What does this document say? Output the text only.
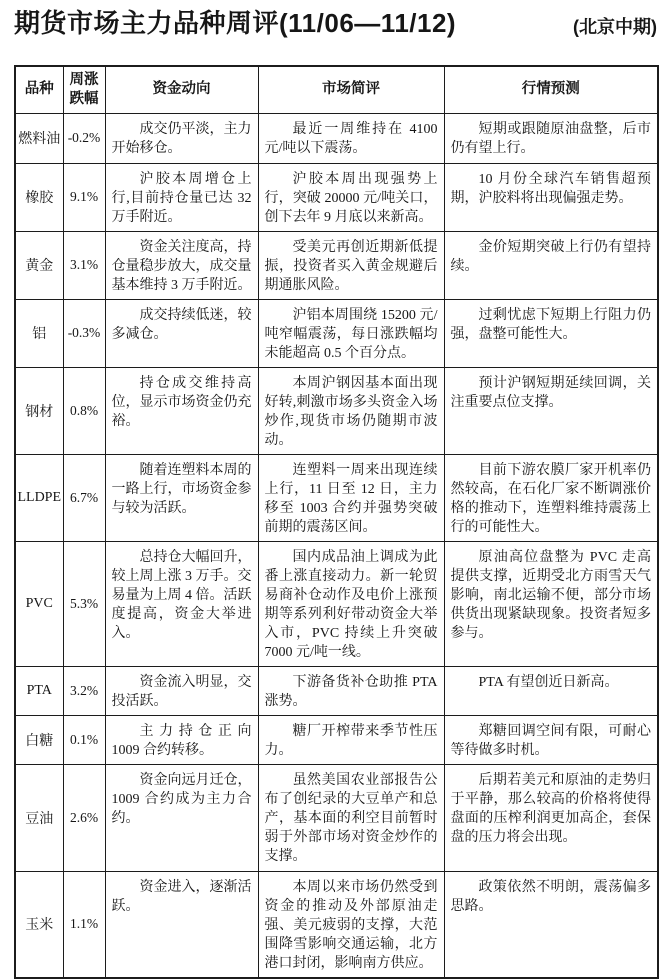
期货市场主力品种周评(11/06—11/12)	(北京中期)
品种	周涨跌幅	资金动向	市场简评	行情预测
燃料油	-0.2%	成交仍平淡，主力开始移仓。	最近一周维持在 4100 元/吨以下震荡。	短期或跟随原油盘整，后市仍有望上行。
橡胶	9.1%	沪胶本周增仓上行,目前持仓量已达 32 万手附近。	沪胶本周出现强势上行，突破 20000 元/吨关口，创下去年 9 月底以来新高。	10 月份全球汽车销售超预期，沪胶料将出现偏强走势。
黄金	3.1%	资金关注度高，持仓量稳步放大，成交量基本维持 3 万手附近。	受美元再创近期新低提振，投资者买入黄金规避后期通胀风险。	金价短期突破上行仍有望持续。
铝	-0.3%	成交持续低迷，较多减仓。	沪铝本周围绕 15200 元/吨窄幅震荡，每日涨跌幅均未能超高 0.5 个百分点。	过剩忧虑下短期上行阻力仍强，盘整可能性大。
钢材	0.8%	持仓成交维持高位，显示市场资金仍充裕。	本周沪钢因基本面出现好转,刺激市场多头资金入场炒作,现货市场仍随期市波动。	预计沪钢短期延续回调，关注重要点位支撑。
LLDPE	6.7%	随着连塑料本周的一路上行，市场资金参与较为活跃。	连塑料一周来出现连续上行，11 日至 12 日，主力移至 1003 合约并强势突破前期的震荡区间。	目前下游农膜厂家开机率仍然较高，在石化厂家不断调涨价格的推动下，连塑料维持震荡上行的可能性大。
PVC	5.3%	总持仓大幅回升，较上周上涨 3 万手。交易量为上周 4 倍。活跃度提高，资金大举进入。	国内成品油上调成为此番上涨直接动力。新一轮贸易商补仓动作及电价上涨预期等系列利好带动资金大举入市，PVC 持续上升突破 7000 元/吨一线。	原油高位盘整为 PVC 走高提供支撑，近期受北方雨雪天气影响，南北运输不便，部分市场供货出现紧缺现象。投资者短多参与。
PTA	3.2%	资金流入明显，交投活跃。	下游备货补仓助推 PTA 涨势。	PTA 有望创近日新高。
白糖	0.1%	主力持仓正向 1009 合约转移。	糖厂开榨带来季节性压力。	郑糖回调空间有限，可耐心等待做多时机。
豆油	2.6%	资金向远月迁仓，1009 合约成为主力合约。	虽然美国农业部报告公布了创纪录的大豆单产和总产，基本面的利空目前暂时弱于外部市场对资金炒作的支撑。	后期若美元和原油的走势归于平静，那么较高的价格将使得盘面的压榨利润更加高企，套保盘的压力将会出现。
玉米	1.1%	资金进入，逐渐活跃。	本周以来市场仍然受到资金的推动及外部原油走强、美元疲弱的支撑，大范围降雪影响交通运输，北方港口封闭，影响南方供应。	政策依然不明朗，震荡偏多思路。
